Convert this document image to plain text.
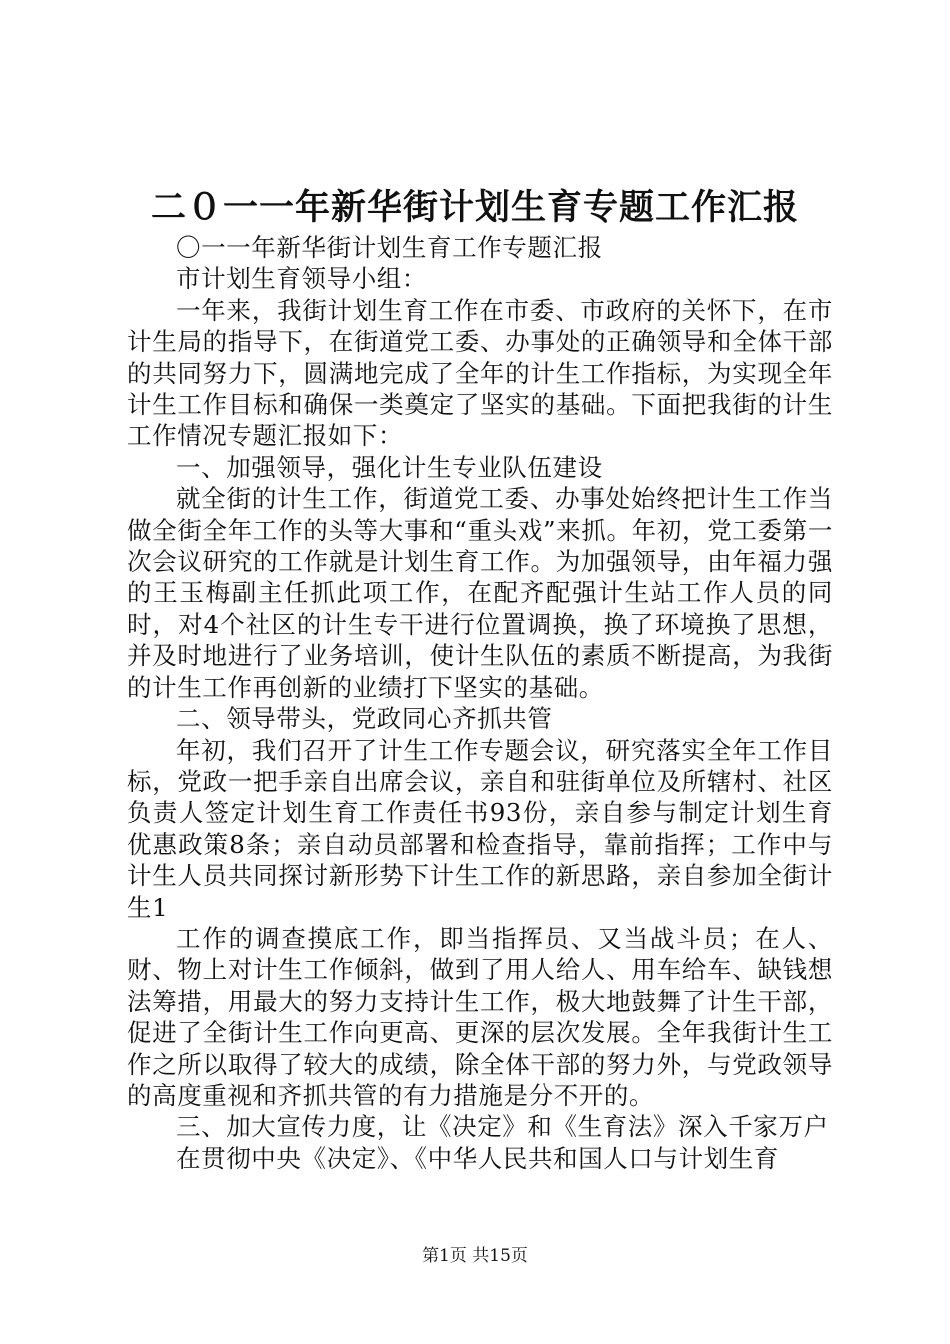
二０一一年新华街计划生育专题工作汇报

〇一一年新华街计划生育工作专题汇报

市计划生育领导小组：

一年来，我街计划生育工作在市委、市政府的关怀下，在市计生局的指导下，在街道党工委、办事处的正确领导和全体干部的共同努力下，圆满地完成了全年的计生工作指标，为实现全年计生工作目标和确保一类奠定了坚实的基础。下面把我街的计生工作情况专题汇报如下：

一、加强领导，强化计生专业队伍建设

就全街的计生工作，街道党工委、办事处始终把计生工作当做全街全年工作的头等大事和“重头戏”来抓。年初，党工委第一次会议研究的工作就是计划生育工作。为加强领导，由年福力强的王玉梅副主任抓此项工作，在配齐配强计生站工作人员的同时，对4个社区的计生专干进行位置调换，换了环境换了思想，并及时地进行了业务培训，使计生队伍的素质不断提高，为我街的计生工作再创新的业绩打下坚实的基础。

二、领导带头，党政同心齐抓共管

年初，我们召开了计生工作专题会议，研究落实全年工作目标，党政一把手亲自出席会议，亲自和驻街单位及所辖村、社区负责人签定计划生育工作责任书93份，亲自参与制定计划生育优惠政策8条；亲自动员部署和检查指导，靠前指挥；工作中与计生人员共同探讨新形势下计生工作的新思路，亲自参加全街计生1

工作的调查摸底工作，即当指挥员、又当战斗员；在人、财、物上对计生工作倾斜，做到了用人给人、用车给车、缺钱想法筹措，用最大的努力支持计生工作，极大地鼓舞了计生干部，促进了全街计生工作向更高、更深的层次发展。全年我街计生工作之所以取得了较大的成绩，除全体干部的努力外，与党政领导的高度重视和齐抓共管的有力措施是分不开的。

三、加大宣传力度，让《决定》和《生育法》深入千家万户

在贯彻中央《决定》、《中华人民共和国人口与计划生育

第1页 共15页
